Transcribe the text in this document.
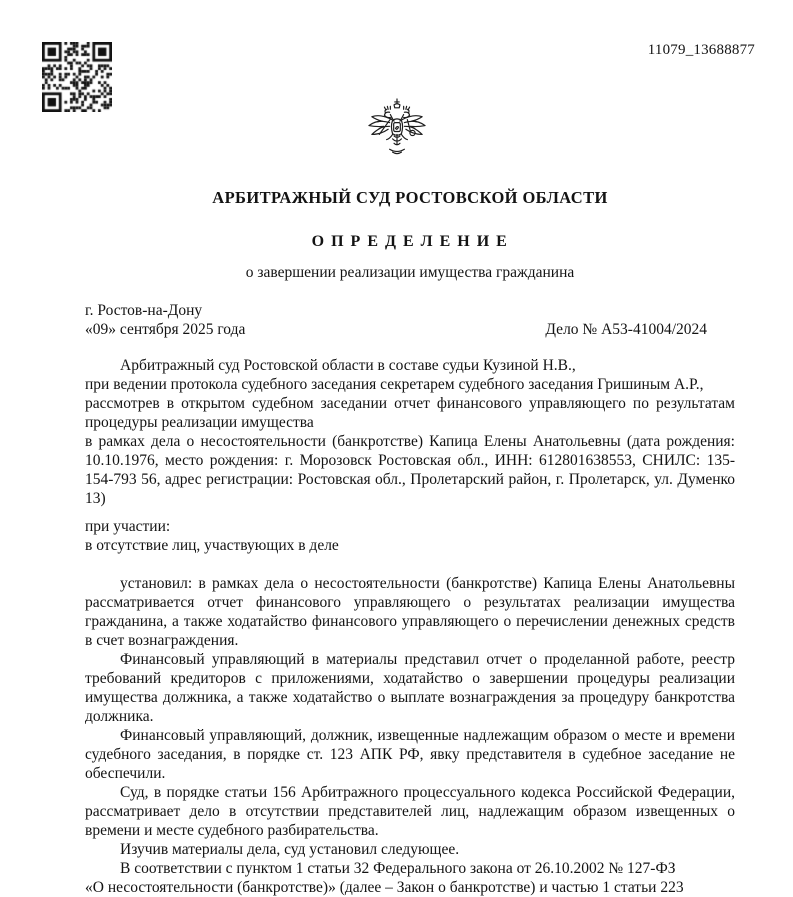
11079_13688877
АРБИТРАЖНЫЙ СУД РОСТОВСКОЙ ОБЛАСТИ
О П Р Е Д Е Л Е Н И Е
о завершении реализации имущества гражданина
г. Ростов-на-Дону
«09» сентября 2025 года	Дело № А53-41004/2024

Арбитражный суд Ростовской области в составе судьи Кузиной Н.В.,

при ведении протокола судебного заседания секретарем судебного заседания Гришиным А.Р.,

рассмотрев в открытом судебном заседании отчет финансового управляющего по результатам процедуры реализации имущества

в рамках дела о несостоятельности (банкротстве) Капица Елены Анатольевны (дата рождения: 10.10.1976, место рождения: г. Морозовск Ростовская обл., ИНН: 612801638553, СНИЛС: 135-154-793 56, адрес регистрации: Ростовская обл., Пролетарский район, г. Пролетарск, ул. Думенко 13)

при участии:

в отсутствие лиц, участвующих в деле

установил: в рамках дела о несостоятельности (банкротстве) Капица Елены Анатольевны рассматривается отчет финансового управляющего о результатах реализации имущества гражданина, а также ходатайство финансового управляющего о перечислении денежных средств в счет вознаграждения.

Финансовый управляющий в материалы представил отчет о проделанной работе, реестр требований кредиторов с приложениями, ходатайство о завершении процедуры реализации имущества должника, а также ходатайство о выплате вознаграждения за процедуру банкротства должника.

Финансовый управляющий, должник, извещенные надлежащим образом о месте и времени судебного заседания, в порядке ст. 123 АПК РФ, явку представителя в судебное заседание не обеспечили.

Суд, в порядке статьи 156 Арбитражного процессуального кодекса Российской Федерации, рассматривает дело в отсутствии представителей лиц, надлежащим образом извещенных о времени и месте судебного разбирательства.

Изучив материалы дела, суд установил следующее.

В соответствии с пунктом 1 статьи 32 Федерального закона от 26.10.2002 № 127-ФЗ

«О несостоятельности (банкротстве)» (далее – Закон о банкротстве) и частью 1 статьи 223
